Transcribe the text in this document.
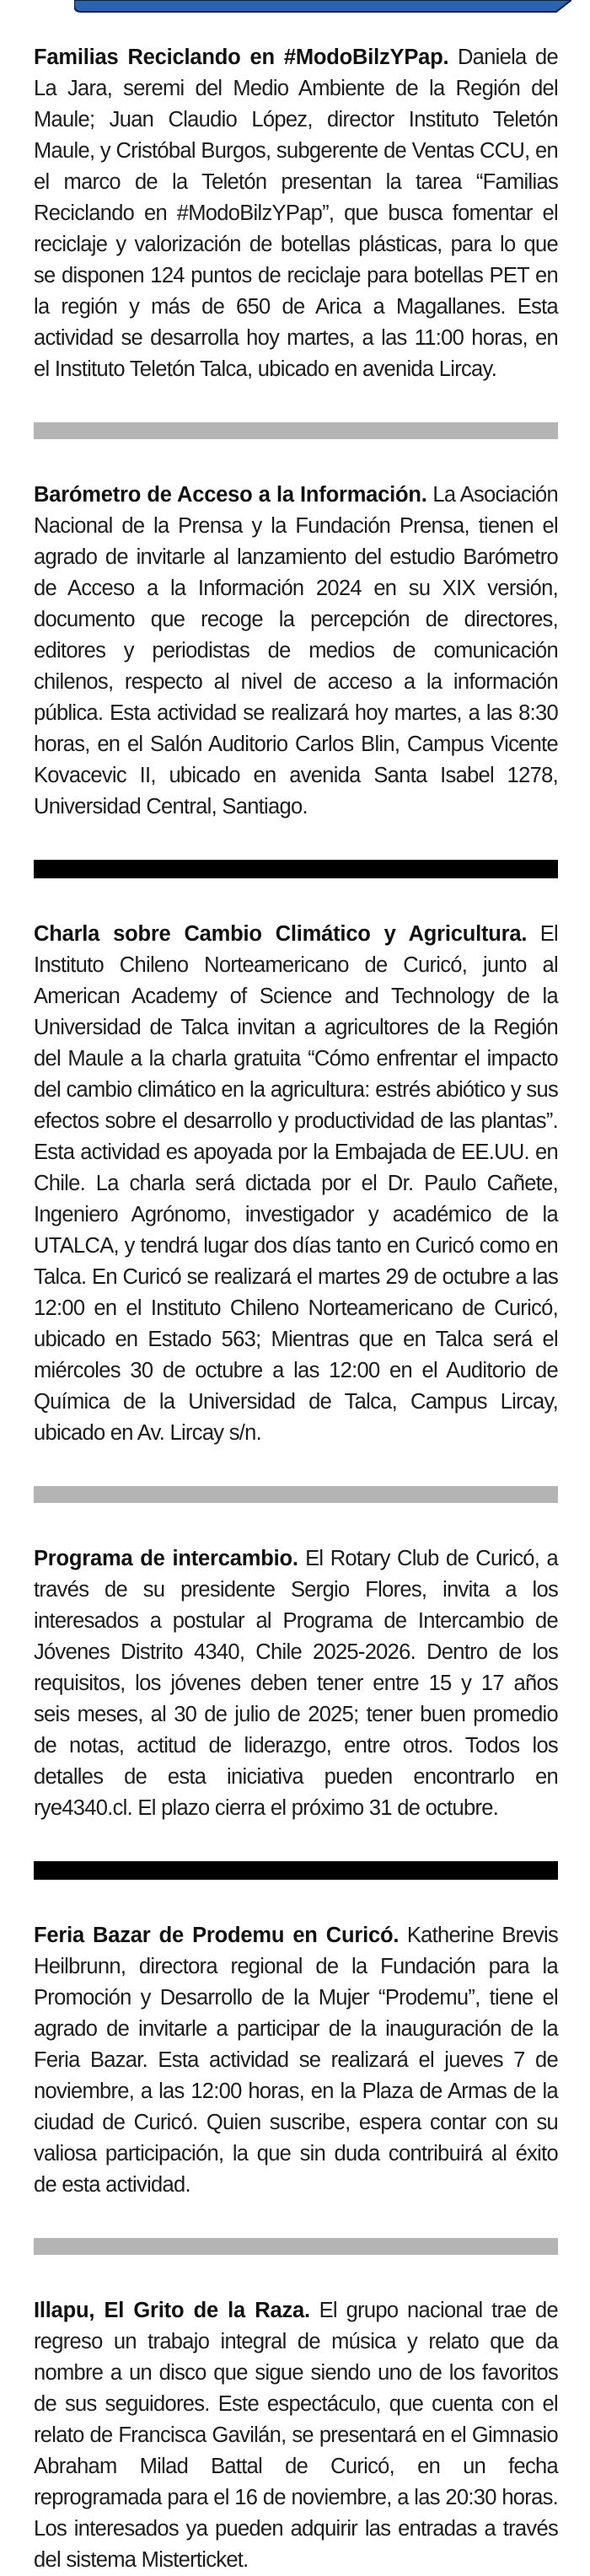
Familias Reciclando en #ModoBilzYPap. Daniela de La Jara, seremi del Medio Ambiente de la Región del Maule; Juan Claudio López, director Instituto Teletón Maule, y Cristóbal Burgos, subgerente de Ventas CCU, en el marco de la Teletón presentan la tarea “Familias Reciclando en #ModoBilzYPap”, que busca fomentar el reciclaje y valorización de botellas plásticas, para lo que se disponen 124 puntos de reciclaje para botellas PET en la región y más de 650 de Arica a Magallanes. Esta actividad se desarrolla hoy martes, a las 11:00 horas, en el Instituto Teletón Talca, ubicado en avenida Lircay.

Barómetro de Acceso a la Información. La Asociación Nacional de la Prensa y la Fundación Prensa, tienen el agrado de invitarle al lanzamiento del estudio Barómetro de Acceso a la Información 2024 en su XIX versión, documento que recoge la percepción de directores, editores y periodistas de medios de comunicación chilenos, respecto al nivel de acceso a la información pública. Esta actividad se realizará hoy martes, a las 8:30 horas, en el Salón Auditorio Carlos Blin, Campus Vicente Kovacevic II, ubicado en avenida Santa Isabel 1278, Universidad Central, Santiago.

Charla sobre Cambio Climático y Agricultura. El Instituto Chileno Norteamericano de Curicó, junto al American Academy of Science and Technology de la Universidad de Talca invitan a agricultores de la Región del Maule a la charla gratuita “Cómo enfrentar el impacto del cambio climático en la agricultura: estrés abiótico y sus efectos sobre el desarrollo y productividad de las plantas”. Esta actividad es apoyada por la Embajada de EE.UU. en Chile. La charla será dictada por el Dr. Paulo Cañete, Ingeniero Agrónomo, investigador y académico de la UTALCA, y tendrá lugar dos días tanto en Curicó como en Talca. En Curicó se realizará el martes 29 de octubre a las 12:00 en el Instituto Chileno Norteamericano de Curicó, ubicado en Estado 563; Mientras que en Talca será el miércoles 30 de octubre a las 12:00 en el Auditorio de Química de la Universidad de Talca, Campus Lircay, ubicado en Av. Lircay s/n.

Programa de intercambio. El Rotary Club de Curicó, a través de su presidente Sergio Flores, invita a los interesados a postular al Programa de Intercambio de Jóvenes Distrito 4340, Chile 2025-2026. Dentro de los requisitos, los jóvenes deben tener entre 15 y 17 años seis meses, al 30 de julio de 2025; tener buen promedio de notas, actitud de liderazgo, entre otros. Todos los detalles de esta iniciativa pueden encontrarlo en rye4340.cl. El plazo cierra el próximo 31 de octubre.

Feria Bazar de Prodemu en Curicó. Katherine Brevis Heilbrunn, directora regional de la Fundación para la Promoción y Desarrollo de la Mujer “Prodemu”, tiene el agrado de invitarle a participar de la inauguración de la Feria Bazar. Esta actividad se realizará el jueves 7 de noviembre, a las 12:00 horas, en la Plaza de Armas de la ciudad de Curicó. Quien suscribe, espera contar con su valiosa participación, la que sin duda contribuirá al éxito de esta actividad.

Illapu, El Grito de la Raza. El grupo nacional trae de regreso un trabajo integral de música y relato que da nombre a un disco que sigue siendo uno de los favoritos de sus seguidores. Este espectáculo, que cuenta con el relato de Francisca Gavilán, se presentará en el Gimnasio Abraham Milad Battal de Curicó, en un fecha reprogramada para el 16 de noviembre, a las 20:30 horas. Los interesados ya pueden adquirir las entradas a través del sistema Misterticket.
